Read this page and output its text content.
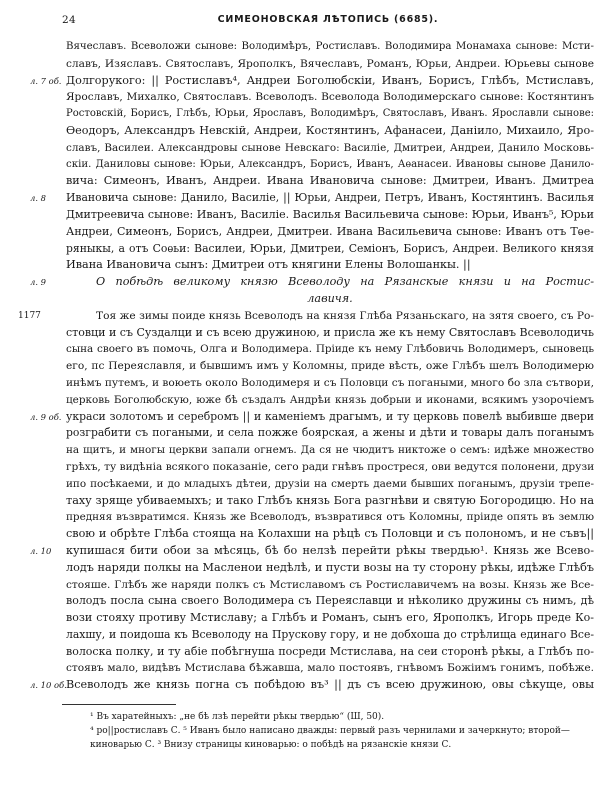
24	СИМЕОНОВСКАЯ ЛѢТОПИСЬ (6685).
Вячеславъ. Всеволожи сынове: Володимѣръ, Ростиславъ. Володимира Монамаха сынове: Мсти-
славъ, Изяславъ. Святославъ, Ярополкъ, Вячеславъ, Романъ, Юрьи, Андреи. Юрьевы сынове
л. 7 об. Долгорукого: || Ростиславъ⁴, Андреи Боголюбскіи, Иванъ, Борисъ, Глѣбъ, Мстиславъ,
Ярославъ, Михалко, Святославъ. Всеволодъ. Всеволода Володимерскаго сынове: Костянтинъ
Ростовскій, Борисъ, Глѣбъ, Юрьи, Ярославъ, Володимѣръ, Святославъ, Иванъ. Ярославли сынове:
Ѳеодоръ, Александръ Невскій, Андреи, Костянтинъ, Афанасеи, Даніило, Михаило, Яро-
славъ, Василеи. Александровы сынове Невскаго: Василіе, Дмитреи, Андреи, Данило Московь-
скіи. Даниловы сынове: Юрьи, Александръ, Борисъ, Иванъ, Аѳанасеи. Ивановы сынове Данило-
вича: Симеонъ, Иванъ, Андреи. Ивана Ивановича сынове: Дмитреи, Иванъ. Дмитреа
л. 8	Ивановича сынове: Данило, Василіе, || Юрьи, Андреи, Петръ, Иванъ, Костянтинъ. Василья
Дмитреевича сынове: Иванъ, Василіе. Василья Васильевича сынове: Юрьи, Иванъ⁵, Юрьи
Андреи, Симеонъ, Борисъ, Андреи, Дмитреи. Ивана Васильевича сынове: Иванъ отъ Тѳе-
ряныкы, а отъ Соѳьи: Василеи, Юрьи, Дмитреи, Семіонъ, Борисъ, Андреи. Великого князя
Ивана Ивановича сынъ: Дмитреи отъ княгини Елены Волошанкы. ||
л. 9	О побѣдѣ великому князю Всеволоду на Рязанскые князи и на Ростис-
лавичя.
1177	Тоя же зимы поиде князь Всеволодъ на князя Глѣба Рязаньскаго, на зятя своего, съ Ро-
стовци и съ Суздалци и съ всею дружиною, и присла же къ нему Святославъ Всеволодичь
сына своего въ помочь, Олга и Володимера. Прiиде къ нему Глѣбовичь Володимеръ, сыновець
его, пс Переяславля, и бывшимъ имъ у Коломны, приде вѣсть, оже Глѣбъ шелъ Володимерю
инѣмъ путемъ, и воюеть около Володимеря и съ Половци съ погаными, много бо зла сътвори,
церковь Боголюбскую, юже бѣ създалъ Андрѣи князь добрыи и иконами, всякимъ узорочiемъ
л. 9 об. украси золотомъ и серебромъ || и каменiемъ драгымъ, и ту церковь повелѣ выбивше двери
розграбити съ погаными, и села пожже боярская, а жены и дѣти и товары далъ поганымъ
на щитъ, и многы церкви запали огнемъ. Да ся не чюдитъ никтоже о семъ: идѣже множество
грѣхъ, ту видѣнiа всякого показаніе, сего ради гнѣвъ простреся, ови ведутся полонени, друзи
ипо посѣкаеми, и до младыхъ дѣтеи, друзiи на смерть даеми бывших поганымъ, друзiи трепе-
таху зряще убиваемыхъ; и тако Глѣбъ князь Бога разгнѣви и святую Богородицю. Но на
предняя възвратимся. Князь же Всеволодъ, възвратився отъ Коломны, прiиде опять въ землю
свою и обрѣте Глѣба стояща на Колахши на рѣцѣ съ Половци и съ полономъ, и не съвъ||
л. 10	купишася бити обои за мѣсяць, бѣ бо нелзѣ перейти рѣкы твердью¹. Князь же Всево-
лодъ наряди полкы на Масленои недѣлѣ, и пусти возы на ту сторону рѣкы, идѣже Глѣбъ
стояше. Глѣбъ же наряди полкъ съ Мстиславомъ съ Ростиславичемъ на возы. Князь же Все-
володъ посла сына своего Володимера съ Переяславци и нѣколико дружины съ нимъ, дѣ
вози стояху противу Мстиславу; а Глѣбъ и Романъ, сынъ его, Ярополкъ, Игорь преде Ко-
лахшу, и поидоша къ Всеволоду на Прускову гору, и не добхоша до стрѣлища единаго Все-
волоска полку, и ту абiе побѣгнуша посреди Мстислава, на сеи сторонѣ рѣкы, а Глѣбъ по-
стоявъ мало, видѣвъ Мстислава бѣжавша, мало постоявъ, гнѣвомъ Божiимъ гонимъ, побѣже.
л. 10 об. Всеволодъ же князь погна съ побѣдою въ³ || дъ съ всею дружиною, овы сѣкуще, овы
¹ Въ харатейныхъ: „не бѣ лзѣ перейти рѣкы твердью“ (Ш, 50).
⁴ ро||ростиславъ С. ⁵ Иванъ было написано дважды: первый разъ чернилами и зачеркнуто; второй—
киноварью С. ³ Внизу страницы киноварью: о побѣдѣ на рязанскіе князи С.
